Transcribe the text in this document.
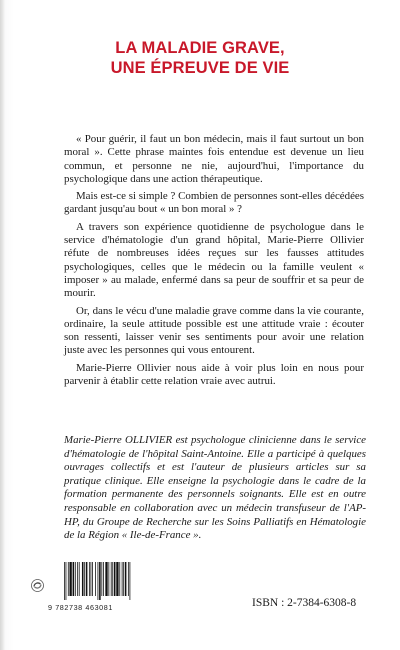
LA MALADIE GRAVE,
UNE ÉPREUVE DE VIE

« Pour guérir, il faut un bon médecin, mais il faut surtout un bon moral ». Cette phrase maintes fois entendue est devenue un lieu commun, et personne ne nie, aujourd'hui, l'importance du psychologique dans une action thérapeutique.

Mais est-ce si simple ? Combien de personnes sont-elles décédées gardant jusqu'au bout « un bon moral » ?

A travers son expérience quotidienne de psychologue dans le service d'hématologie d'un grand hôpital, Marie-Pierre Ollivier réfute de nombreuses idées reçues sur les fausses attitudes psychologiques, celles que le médecin ou la famille veulent « imposer » au malade, enfermé dans sa peur de souffrir et sa peur de mourir.

Or, dans le vécu d'une maladie grave comme dans la vie courante, ordinaire, la seule attitude possible est une attitude vraie : écouter son ressenti, laisser venir ses sentiments pour avoir une relation juste avec les personnes qui vous entourent.

Marie-Pierre Ollivier nous aide à voir plus loin en nous pour parvenir à établir cette relation vraie avec autrui.

Marie-Pierre OLLIVIER est psychologue clinicienne dans le service d'hématologie de l'hôpital Saint-Antoine. Elle a participé à quelques ouvrages collectifs et est l'auteur de plusieurs articles sur sa pratique clinique. Elle enseigne la psychologie dans le cadre de la formation permanente des personnels soignants. Elle est en outre responsable en collaboration avec un médecin transfuseur de l'AP-HP, du Groupe de Recherche sur les Soins Palliatifs en Hématologie de la Région « Ile-de-France ».

9 782738 463081	ISBN : 2-7384-6308-8
